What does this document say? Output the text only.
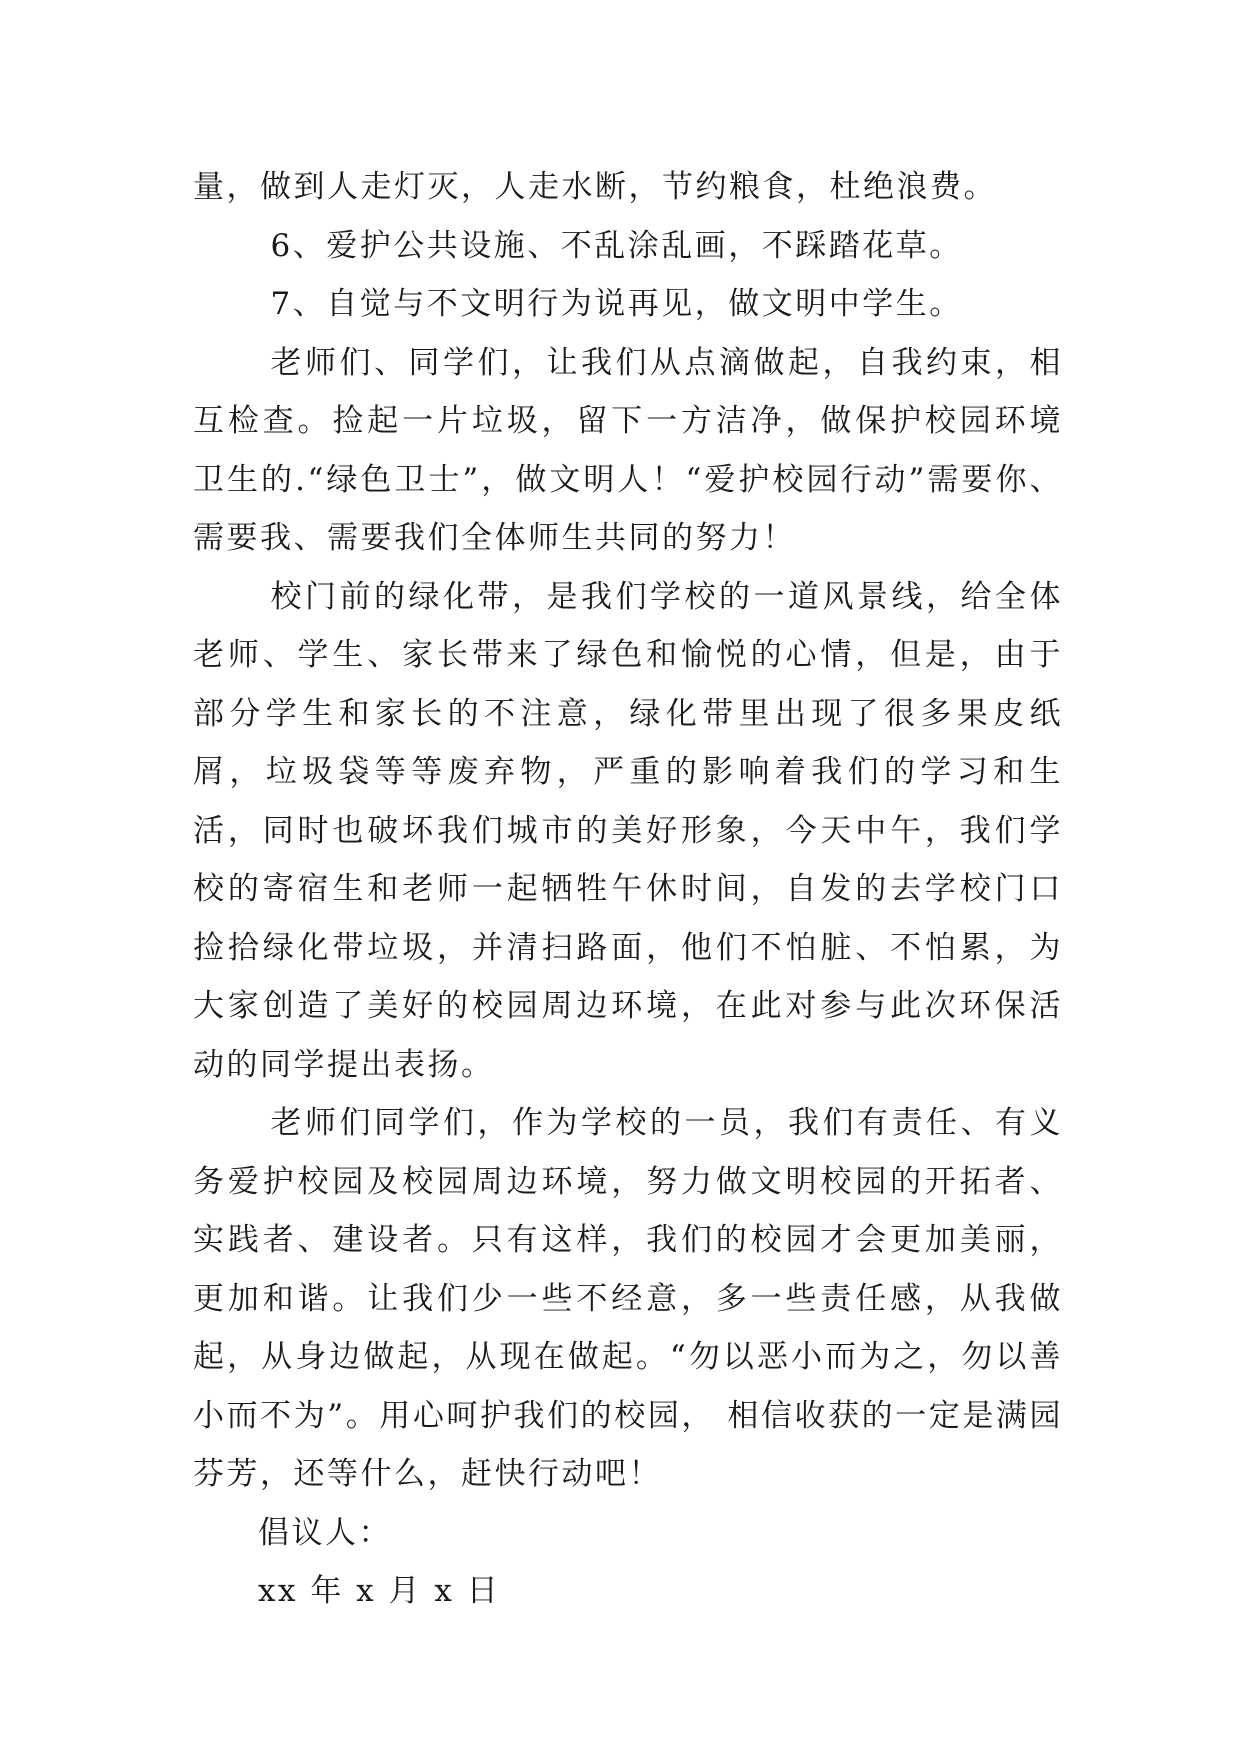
量，做到人走灯灭，人走水断，节约粮食，杜绝浪费。

6、爱护公共设施、不乱涂乱画，不踩踏花草。

7、自觉与不文明行为说再见，做文明中学生。

老师们、同学们，让我们从点滴做起，自我约束，相互检查。捡起一片垃圾，留下一方洁净，做保护校园环境卫生的.“绿色卫士”，做文明人！“爱护校园行动”需要你、需要我、需要我们全体师生共同的努力！

校门前的绿化带，是我们学校的一道风景线，给全体老师、学生、家长带来了绿色和愉悦的心情，但是，由于部分学生和家长的不注意，绿化带里出现了很多果皮纸屑，垃圾袋等等废弃物，严重的影响着我们的学习和生活，同时也破坏我们城市的美好形象，今天中午，我们学校的寄宿生和老师一起牺牲午休时间，自发的去学校门口捡拾绿化带垃圾，并清扫路面，他们不怕脏、不怕累，为大家创造了美好的校园周边环境，在此对参与此次环保活动的同学提出表扬。

老师们同学们，作为学校的一员，我们有责任、有义务爱护校园及校园周边环境，努力做文明校园的开拓者、实践者、建设者。只有这样，我们的校园才会更加美丽，更加和谐。让我们少一些不经意，多一些责任感，从我做起，从身边做起，从现在做起。“勿以恶小而为之，勿以善小而不为”。用心呵护我们的校园， 相信收获的一定是满园芬芳，还等什么，赶快行动吧！

倡议人：

xx 年 x 月 x 日
